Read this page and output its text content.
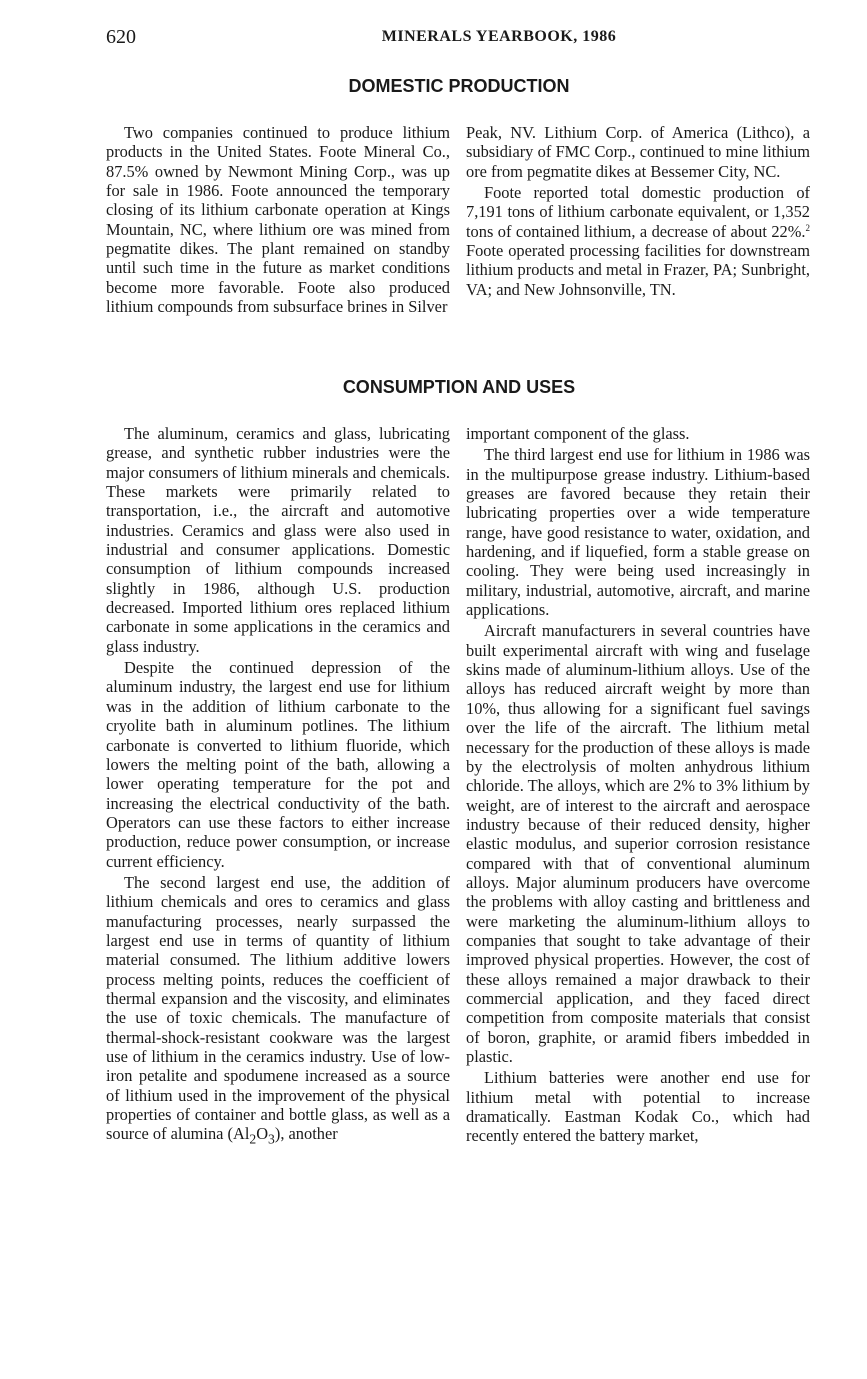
620	MINERALS YEARBOOK, 1986
DOMESTIC PRODUCTION

Two companies continued to produce lithium products in the United States. Foote Mineral Co., 87.5% owned by Newmont Mining Corp., was up for sale in 1986. Foote announced the temporary closing of its lithium carbonate operation at Kings Mountain, NC, where lithium ore was mined from pegmatite dikes. The plant remained on standby until such time in the future as market conditions become more favorable. Foote also produced lithium compounds from subsurface brines in Silver

Peak, NV. Lithium Corp. of America (Lithco), a subsidiary of FMC Corp., continued to mine lithium ore from pegmatite dikes at Bessemer City, NC.

Foote reported total domestic production of 7,191 tons of lithium carbonate equivalent, or 1,352 tons of contained lithium, a decrease of about 22%.$^2$ Foote operated processing facilities for downstream lithium products and metal in Frazer, PA; Sunbright, VA; and New Johnsonville, TN.

CONSUMPTION AND USES

The aluminum, ceramics and glass, lubricating grease, and synthetic rubber industries were the major consumers of lithium minerals and chemicals. These markets were primarily related to transportation, i.e., the aircraft and automotive industries. Ceramics and glass were also used in industrial and consumer applications. Domestic consumption of lithium compounds increased slightly in 1986, although U.S. production decreased. Imported lithium ores replaced lithium carbonate in some applications in the ceramics and glass industry.

Despite the continued depression of the aluminum industry, the largest end use for lithium was in the addition of lithium carbonate to the cryolite bath in aluminum potlines. The lithium carbonate is converted to lithium fluoride, which lowers the melting point of the bath, allowing a lower operating temperature for the pot and increasing the electrical conductivity of the bath. Operators can use these factors to either increase production, reduce power consumption, or increase current efficiency.

The second largest end use, the addition of lithium chemicals and ores to ceramics and glass manufacturing processes, nearly surpassed the largest end use in terms of quantity of lithium material consumed. The lithium additive lowers process melting points, reduces the coefficient of thermal expansion and the viscosity, and eliminates the use of toxic chemicals. The manufacture of thermal-shock-resistant cookware was the largest use of lithium in the ceramics industry. Use of low-iron petalite and spodumene increased as a source of lithium used in the improvement of the physical properties of container and bottle glass, as well as a source of alumina $(Al_2O_3)$, another

important component of the glass.

The third largest end use for lithium in 1986 was in the multipurpose grease industry. Lithium-based greases are favored because they retain their lubricating properties over a wide temperature range, have good resistance to water, oxidation, and hardening, and if liquefied, form a stable grease on cooling. They were being used increasingly in military, industrial, automotive, aircraft, and marine applications.

Aircraft manufacturers in several countries have built experimental aircraft with wing and fuselage skins made of aluminum-lithium alloys. Use of the alloys has reduced aircraft weight by more than 10%, thus allowing for a significant fuel savings over the life of the aircraft. The lithium metal necessary for the production of these alloys is made by the electrolysis of molten anhydrous lithium chloride. The alloys, which are 2% to 3% lithium by weight, are of interest to the aircraft and aerospace industry because of their reduced density, higher elastic modulus, and superior corrosion resistance compared with that of conventional aluminum alloys. Major aluminum producers have overcome the problems with alloy casting and brittleness and were marketing the aluminum-lithium alloys to companies that sought to take advantage of their improved physical properties. However, the cost of these alloys remained a major drawback to their commercial application, and they faced direct competition from composite materials that consist of boron, graphite, or aramid fibers imbedded in plastic.

Lithium batteries were another end use for lithium metal with potential to increase dramatically. Eastman Kodak Co., which had recently entered the battery market,
